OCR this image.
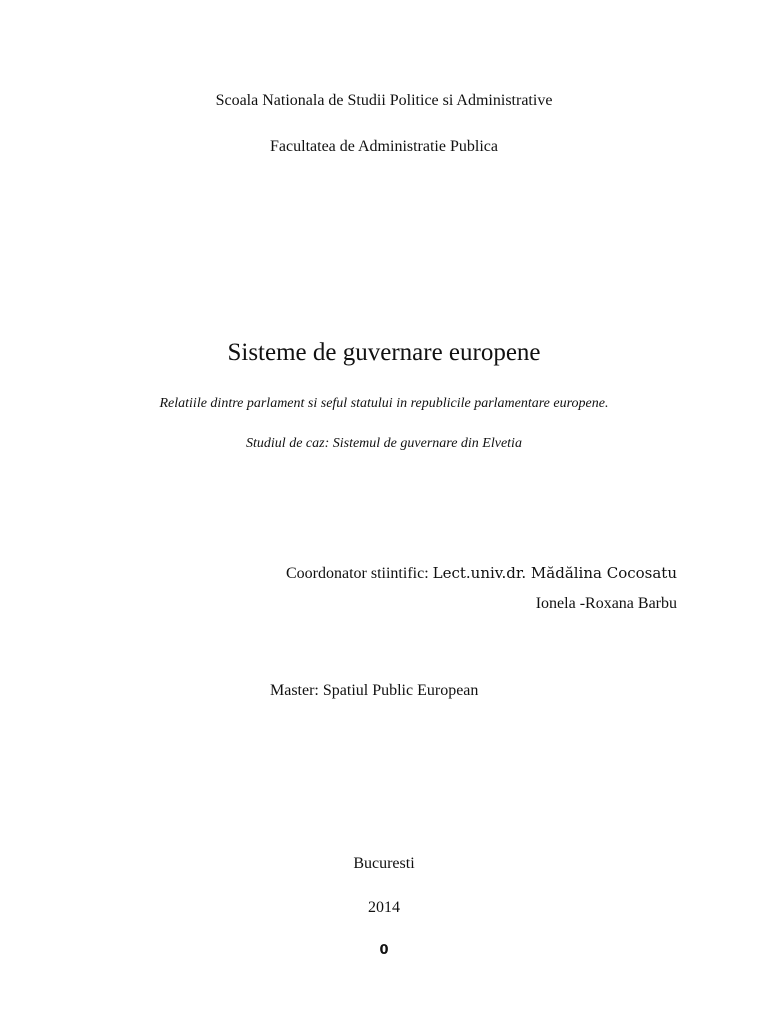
Scoala Nationala de Studii Politice si Administrative
Facultatea de Administratie Publica
Sisteme de guvernare europene
Relatiile dintre parlament si seful statului in republicile parlamentare europene.
Studiul de caz: Sistemul de guvernare din Elvetia
Coordonator stiintific: Lect.univ.dr. Mădălina Cocosatu
Ionela -Roxana Barbu
Master: Spatiul Public European
Bucuresti
2014
0
